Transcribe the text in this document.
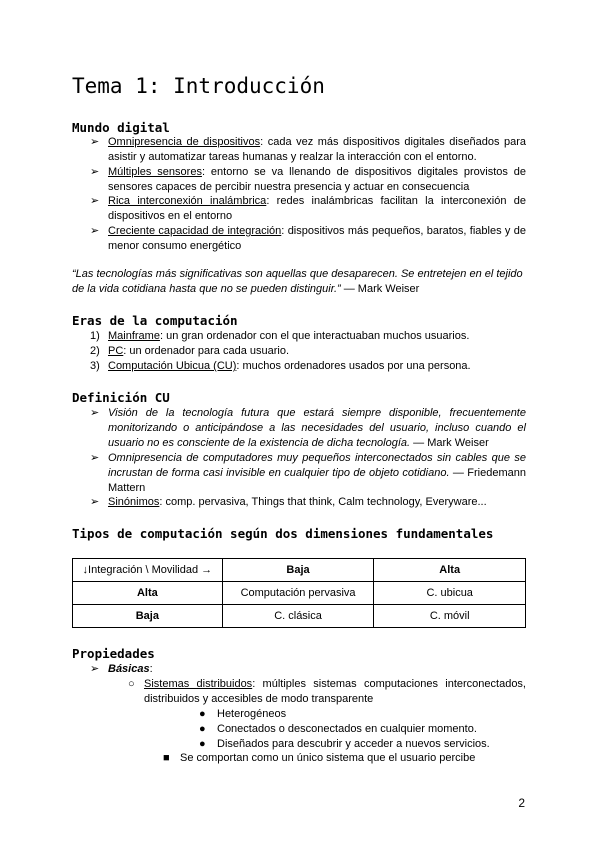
Tema 1: Introducción
Mundo digital
➢ Omnipresencia de dispositivos: cada vez más dispositivos digitales diseñados para asistir y automatizar tareas humanas y realzar la interacción con el entorno.
➢ Múltiples sensores: entorno se va llenando de dispositivos digitales provistos de sensores capaces de percibir nuestra presencia y actuar en consecuencia
➢ Rica interconexión inalámbrica: redes inalámbricas facilitan la interconexión de dispositivos en el entorno
➢ Creciente capacidad de integración: dispositivos más pequeños, baratos, fiables y de menor consumo energético
“Las tecnologías más significativas son aquellas que desaparecen. Se entretejen en el tejido de la vida cotidiana hasta que no se pueden distinguir.” — Mark Weiser
Eras de la computación
1) Mainframe: un gran ordenador con el que interactuaban muchos usuarios.
2) PC: un ordenador para cada usuario.
3) Computación Ubicua (CU): muchos ordenadores usados por una persona.
Definición CU
➢ Visión de la tecnología futura que estará siempre disponible, frecuentemente monitorizando o anticipándose a las necesidades del usuario, incluso cuando el usuario no es consciente de la existencia de dicha tecnología. — Mark Weiser
➢ Omnipresencia de computadores muy pequeños interconectados sin cables que se incrustan de forma casi invisible en cualquier tipo de objeto cotidiano. — Friedemann Mattern
➢ Sinónimos: comp. pervasiva, Things that think, Calm technology, Everyware...
Tipos de computación según dos dimensiones fundamentales
↓Integración \ Movilidad →	Baja	Alta
Alta	Computación pervasiva	C. ubicua
Baja	C. clásica	C. móvil
Propiedades
➢ Básicas:
○ Sistemas distribuidos: múltiples sistemas computaciones interconectados, distribuidos y accesibles de modo transparente
● Heterogéneos
● Conectados o desconectados en cualquier momento.
● Diseñados para descubrir y acceder a nuevos servicios.
■ Se comportan como un único sistema que el usuario percibe
2
